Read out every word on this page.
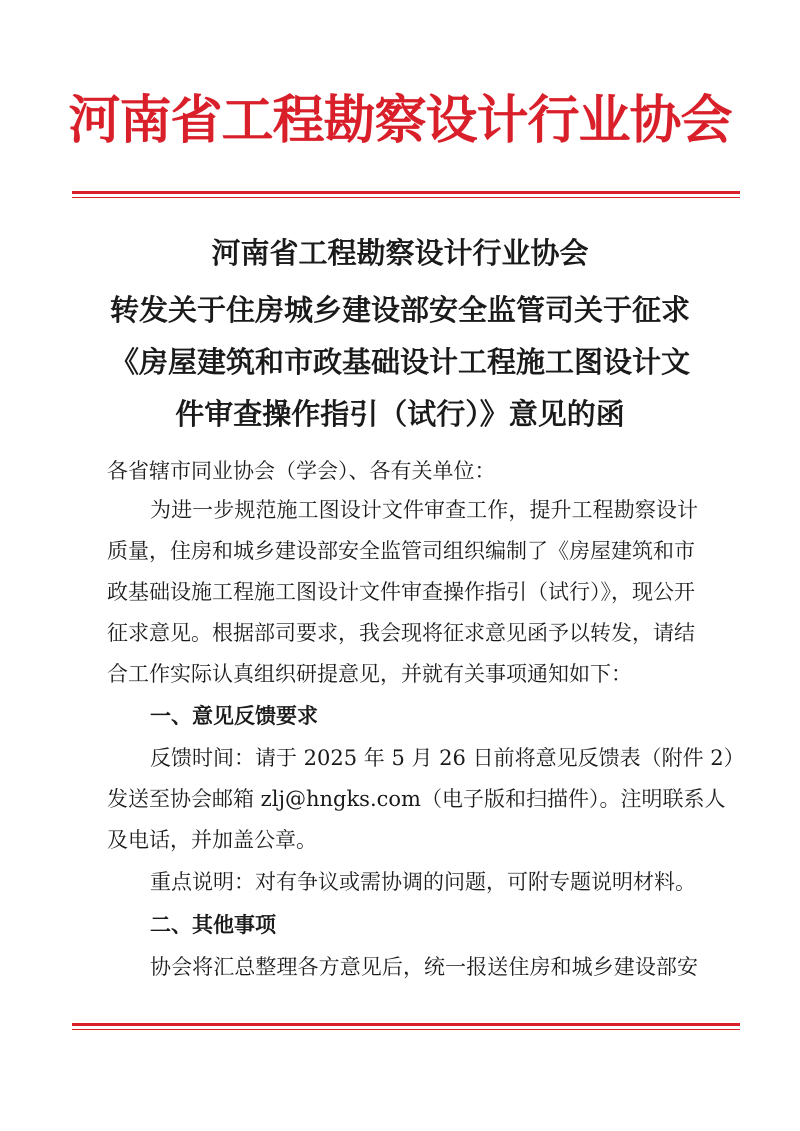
河南省工程勘察设计行业协会
河南省工程勘察设计行业协会
转发关于住房城乡建设部安全监管司关于征求
《房屋建筑和市政基础设计工程施工图设计文
件审查操作指引（试行）》意见的函
各省辖市同业协会（学会）、各有关单位：
为进一步规范施工图设计文件审查工作，提升工程勘察设计
质量，住房和城乡建设部安全监管司组织编制了《房屋建筑和市
政基础设施工程施工图设计文件审查操作指引（试行）》，现公开
征求意见。根据部司要求，我会现将征求意见函予以转发，请结
合工作实际认真组织研提意见，并就有关事项通知如下：
一、意见反馈要求
反馈时间：请于 2025 年 5 月 26 日前将意见反馈表（附件 2）
发送至协会邮箱 zlj@hngks.com（电子版和扫描件）。注明联系人
及电话，并加盖公章。
重点说明：对有争议或需协调的问题，可附专题说明材料。
二、其他事项
协会将汇总整理各方意见后，统一报送住房和城乡建设部安
